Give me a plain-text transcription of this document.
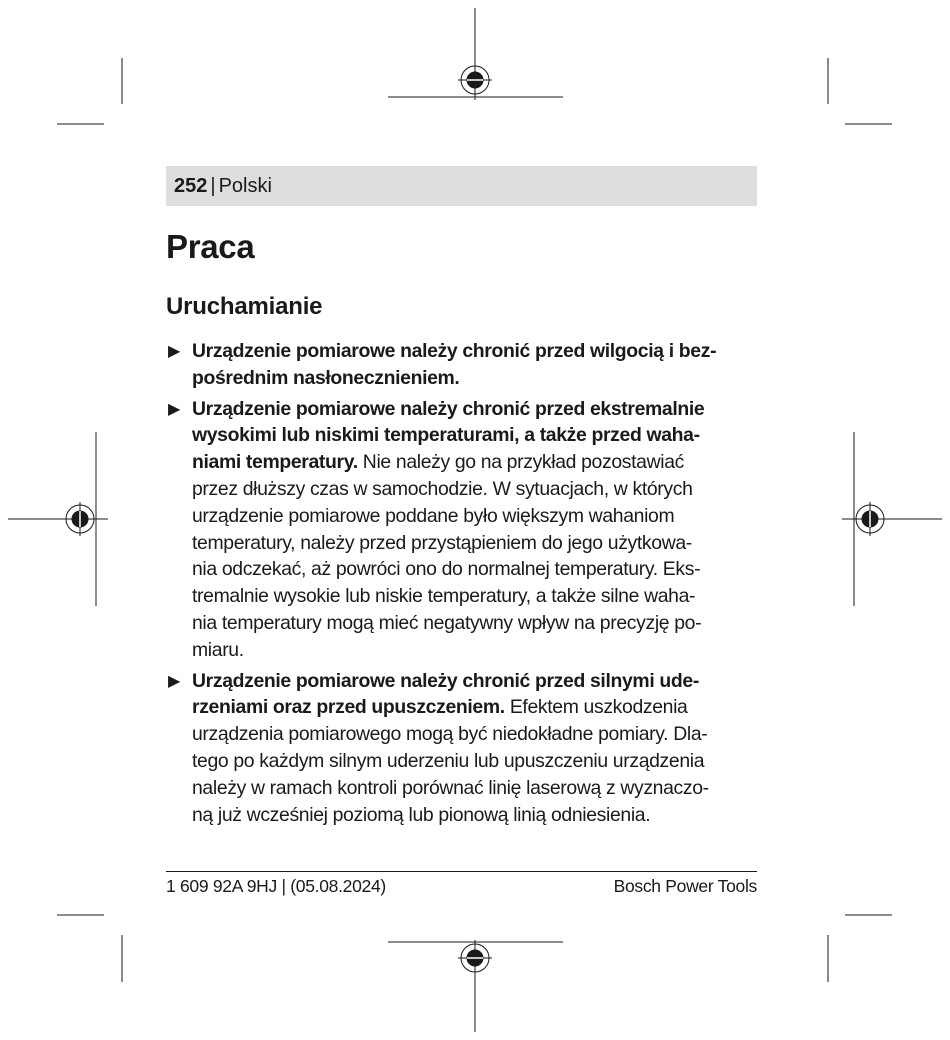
252 | Polski
Praca
Uruchamianie
▶ Urządzenie pomiarowe należy chronić przed wilgocią i bez-
pośrednim nasłonecznieniem.
▶ Urządzenie pomiarowe należy chronić przed ekstremalnie
wysokimi lub niskimi temperaturami, a także przed waha-
niami temperatury. Nie należy go na przykład pozostawiać
przez dłuższy czas w samochodzie. W sytuacjach, w których
urządzenie pomiarowe poddane było większym wahaniom
temperatury, należy przed przystąpieniem do jego użytkowa-
nia odczekać, aż powróci ono do normalnej temperatury. Eks-
tremalnie wysokie lub niskie temperatury, a także silne waha-
nia temperatury mogą mieć negatywny wpływ na precyzję po-
miaru.
▶ Urządzenie pomiarowe należy chronić przed silnymi ude-
rzeniami oraz przed upuszczeniem. Efektem uszkodzenia
urządzenia pomiarowego mogą być niedokładne pomiary. Dla-
tego po każdym silnym uderzeniu lub upuszczeniu urządzenia
należy w ramach kontroli porównać linię laserową z wyznaczo-
ną już wcześniej poziomą lub pionową linią odniesienia.
1 609 92A 9HJ | (05.08.2024)	Bosch Power Tools
